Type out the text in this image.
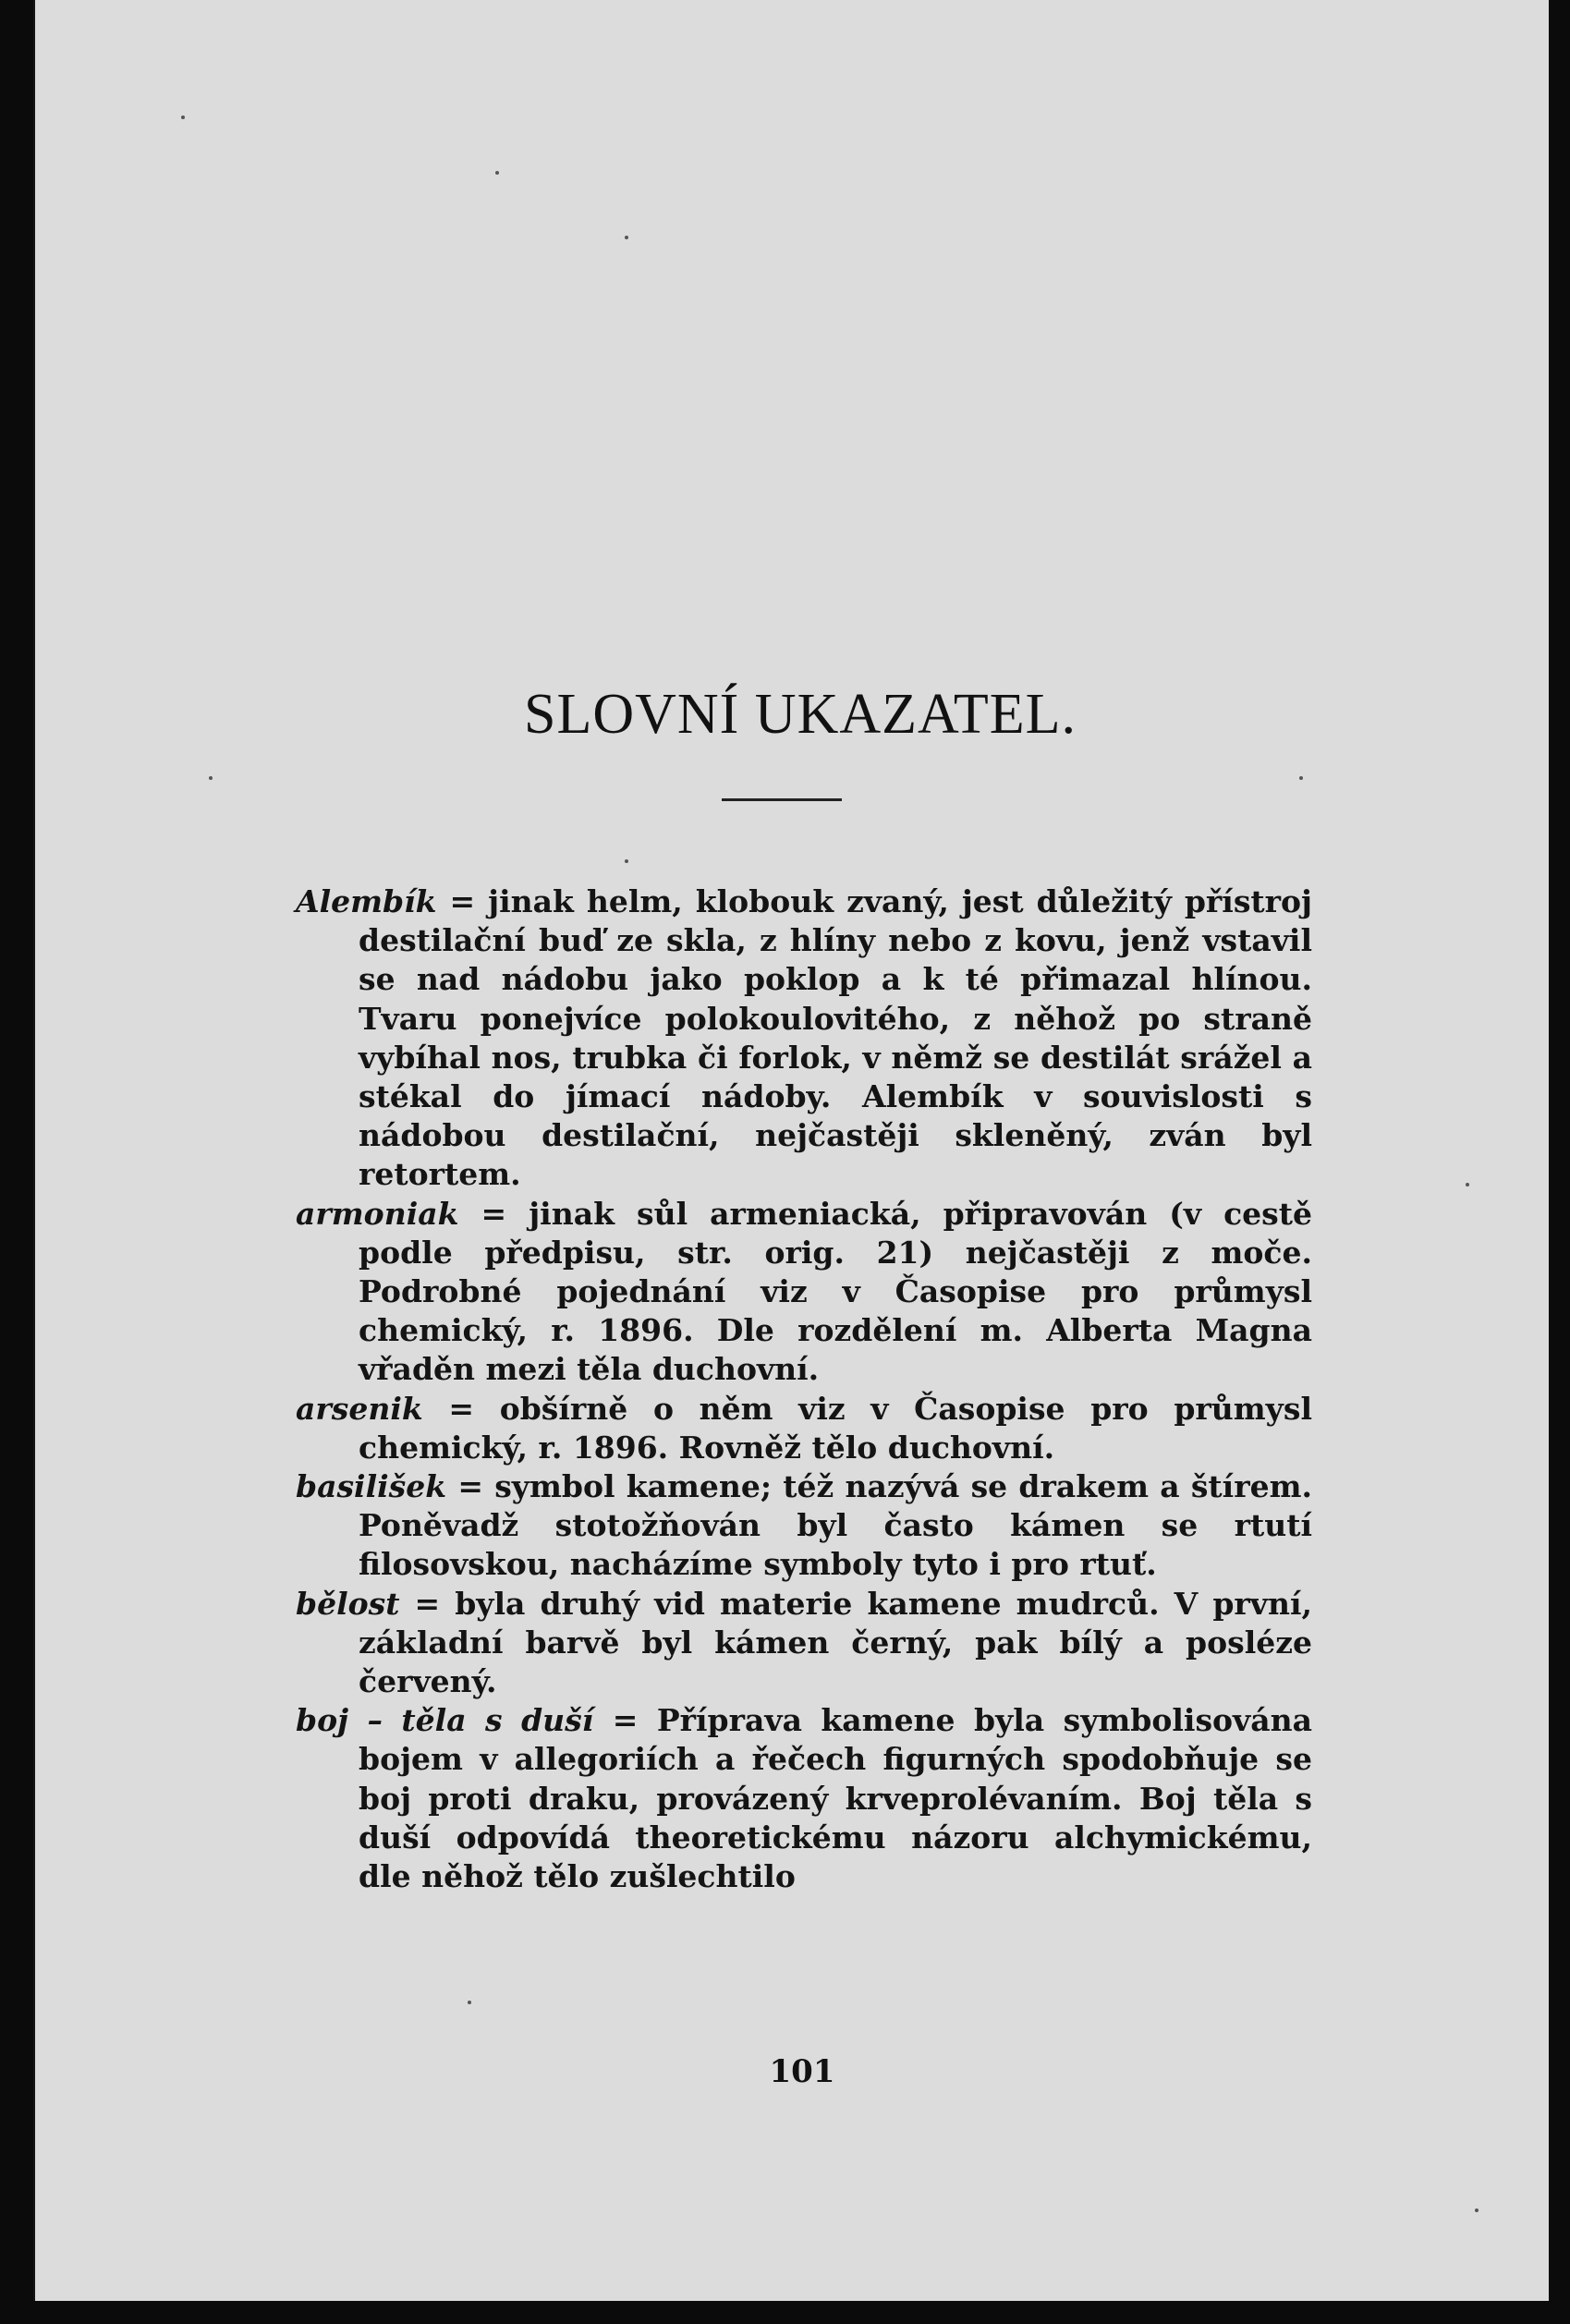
SLOVNÍ UKAZATEL.

Alembík = jinak helm, klobouk zvaný, jest důležitý přístroj destilační buď ze skla, z hlíny nebo z kovu, jenž vstavil se nad nádobu jako poklop a k té přimazal hlínou. Tvaru ponejvíce polokoulovitého, z něhož po straně vybíhal nos, trubka či forlok, v němž se destilát srážel a stékal do jímací nádoby. Alembík v souvislosti s nádobou destilační, nejčastěji skleněný, zván byl retortem.

armoniak = jinak sůl armeniacká, připravován (v cestě podle předpisu, str. orig. 21) nejčastěji z moče. Podrobné pojednání viz v Časopise pro průmysl chemický, r. 1896. Dle rozdělení m. Alberta Magna vřaděn mezi těla duchovní.

arsenik = obšírně o něm viz v Časopise pro průmysl chemický, r. 1896. Rovněž tělo duchovní.

basilišek = symbol kamene; též nazývá se drakem a štírem. Poněvadž stotožňován byl často kámen se rtutí filosovskou, nacházíme symboly tyto i pro rtuť.

bělost = byla druhý vid materie kamene mudrců. V první, základní barvě byl kámen černý, pak bílý a posléze červený.

boj – těla s duší = Příprava kamene byla symbolisována bojem v allegoriích a řečech figurných spodobňuje se boj proti draku, provázený krveprolévaním. Boj těla s duší odpovídá theoretickému názoru alchymickému, dle něhož tělo zušlechtilo

101
